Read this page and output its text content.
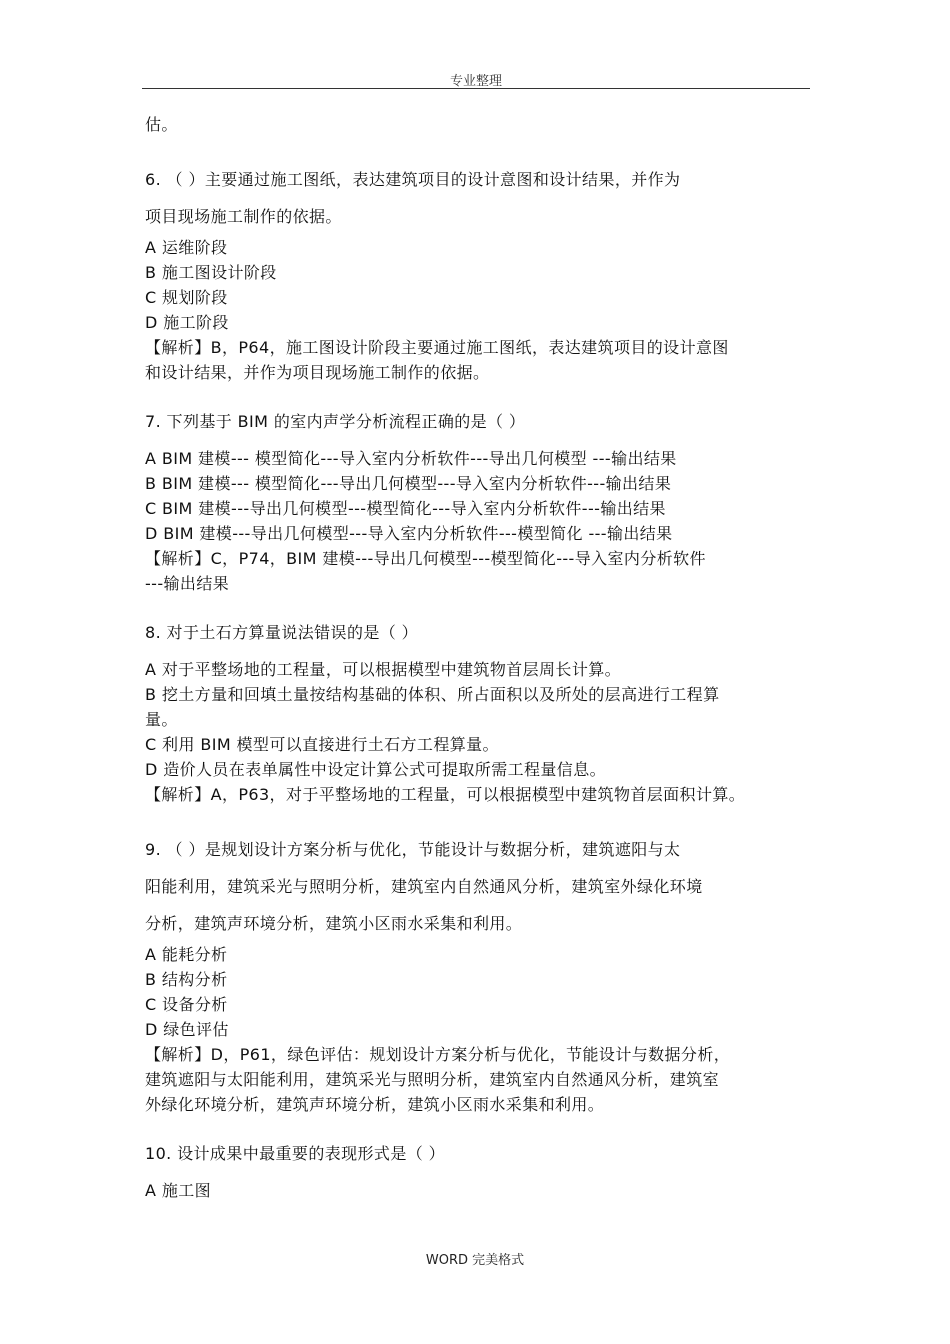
专业整理
估。
6. （ ）主要通过施工图纸，表达建筑项目的设计意图和设计结果，并作为
项目现场施工制作的依据。
A 运维阶段
B 施工图设计阶段
C 规划阶段
D 施工阶段
【解析】B，P64，施工图设计阶段主要通过施工图纸，表达建筑项目的设计意图
和设计结果，并作为项目现场施工制作的依据。
7. 下列基于 BIM 的室内声学分析流程正确的是（ ）
A BIM 建模--- 模型简化---导入室内分析软件---导出几何模型 ---输出结果
B BIM 建模--- 模型简化---导出几何模型---导入室内分析软件---输出结果
C BIM 建模---导出几何模型---模型简化---导入室内分析软件---输出结果
D BIM 建模---导出几何模型---导入室内分析软件---模型简化 ---输出结果
【解析】C，P74，BIM 建模---导出几何模型---模型简化---导入室内分析软件
---输出结果
8. 对于土石方算量说法错误的是（ ）
A 对于平整场地的工程量，可以根据模型中建筑物首层周长计算。
B 挖土方量和回填土量按结构基础的体积、所占面积以及所处的层高进行工程算
量。
C 利用 BIM 模型可以直接进行土石方工程算量。
D 造价人员在表单属性中设定计算公式可提取所需工程量信息。
【解析】A，P63，对于平整场地的工程量，可以根据模型中建筑物首层面积计算。
9. （ ）是规划设计方案分析与优化，节能设计与数据分析，建筑遮阳与太
阳能利用，建筑采光与照明分析，建筑室内自然通风分析，建筑室外绿化环境
分析，建筑声环境分析，建筑小区雨水采集和利用。
A 能耗分析
B 结构分析
C 设备分析
D 绿色评估
【解析】D，P61，绿色评估：规划设计方案分析与优化，节能设计与数据分析，
建筑遮阳与太阳能利用，建筑采光与照明分析，建筑室内自然通风分析，建筑室
外绿化环境分析，建筑声环境分析，建筑小区雨水采集和利用。
10. 设计成果中最重要的表现形式是（ ）
A 施工图
WORD 完美格式
